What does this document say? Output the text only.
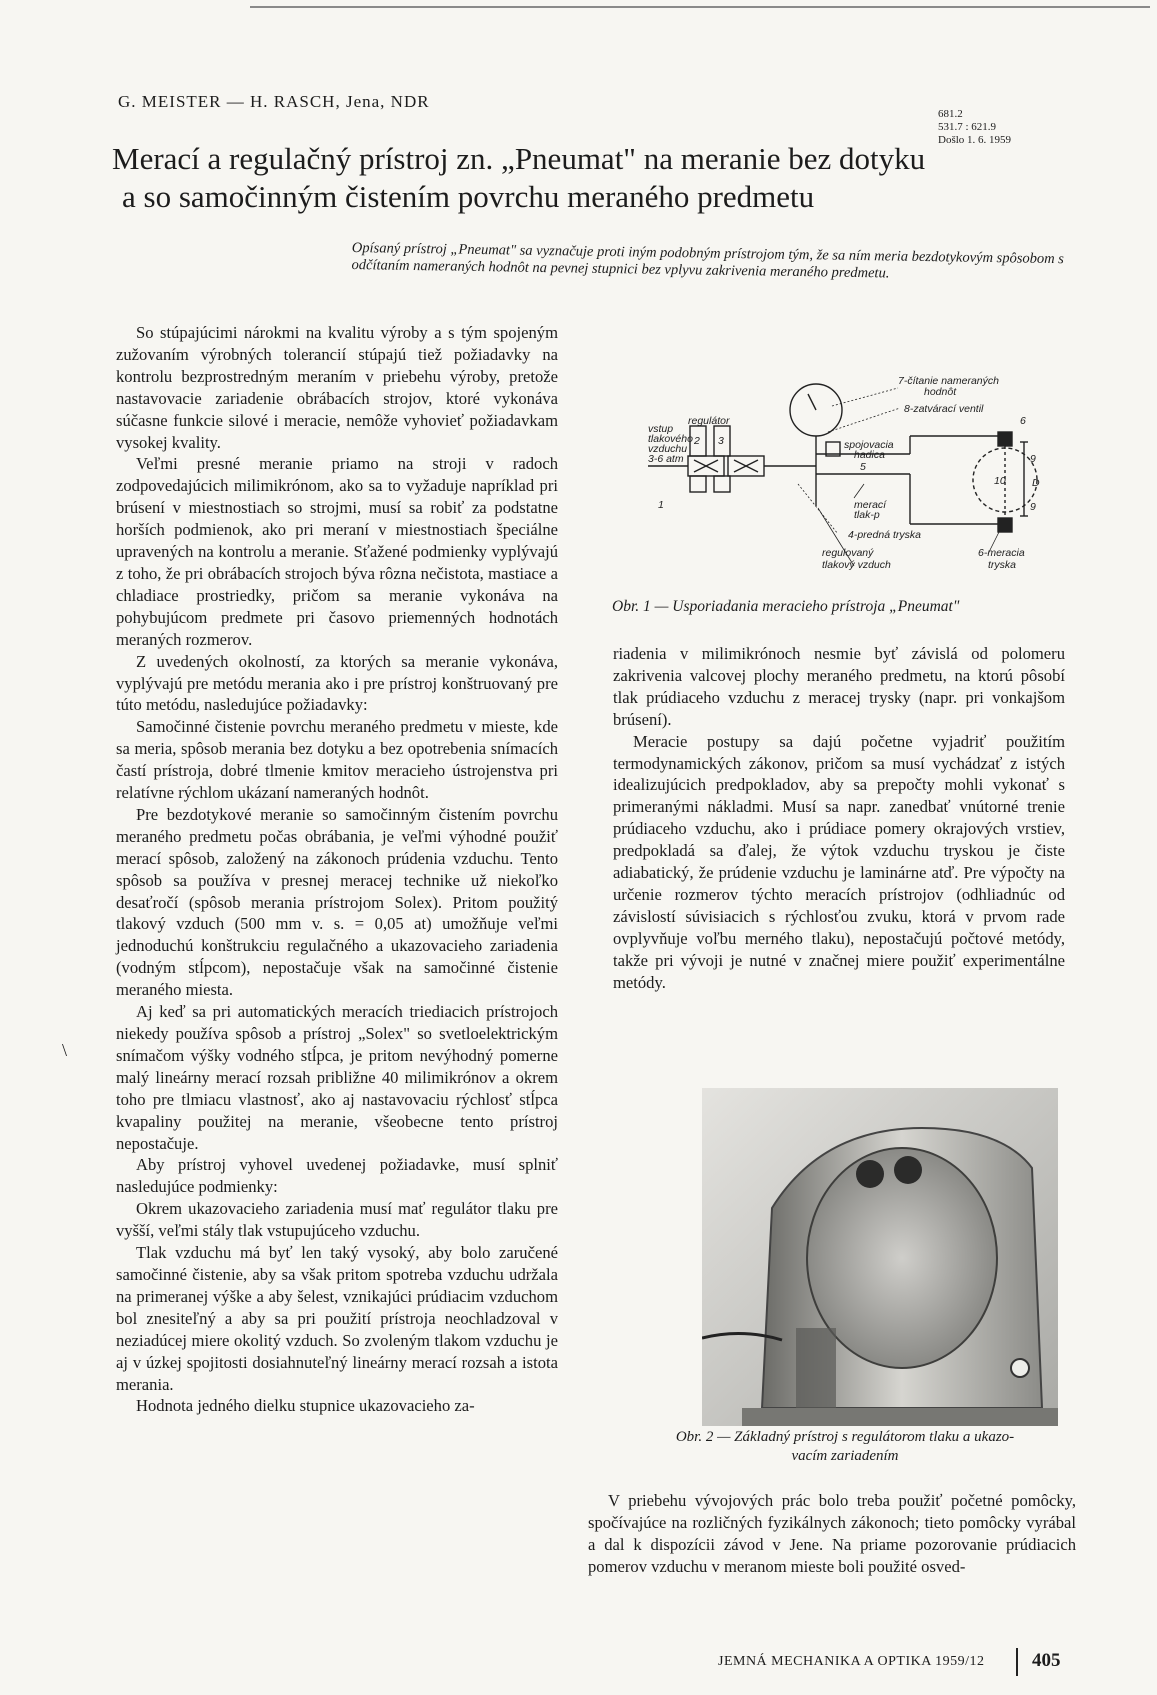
G. MEISTER — H. RASCH, Jena, NDR
681.2
531.7 : 621.9
Došlo 1. 6. 1959
Merací a regulačný prístroj zn. „Pneumat" na meranie bez dotyku
a so samočinným čistením povrchu meraného predmetu
Opísaný prístroj „Pneumat" sa vyznačuje proti iným podobným prístrojom tým, že sa ním meria bezdotykovým spôsobom s odčítaním nameraných hodnôt na pevnej stupnici bez vplyvu zakrivenia meraného predmetu.

So stúpajúcimi nárokmi na kvalitu výroby a s tým spojeným zužovaním výrobných tolerancií stúpajú tiež požiadavky na kontrolu bezprostredným meraním v priebehu výroby, pretože nastavovacie zariadenie obrábacích strojov, ktoré vykonáva súčasne funkcie silové i meracie, nemôže vyhovieť požiadavkam vysokej kvality.

Veľmi presné meranie priamo na stroji v radoch zodpovedajúcich milimikrónom, ako sa to vyžaduje napríklad pri brúsení v miestnostiach so strojmi, musí sa robiť za podstatne horších podmienok, ako pri meraní v miestnostiach špeciálne upravených na kontrolu a meranie. Sťažené podmienky vyplývajú z toho, že pri obrábacích strojoch býva rôzna nečistota, mastiace a chladiace prostriedky, pričom sa meranie vykonáva na pohybujúcom predmete pri časovo priemenných hodnotách meraných rozmerov.

Z uvedených okolností, za ktorých sa meranie vykonáva, vyplývajú pre metódu merania ako i pre prístroj konštruovaný pre túto metódu, nasledujúce požiadavky:

Samočinné čistenie povrchu meraného predmetu v mieste, kde sa meria, spôsob merania bez dotyku a bez opotrebenia snímacích častí prístroja, dobré tlmenie kmitov meracieho ústrojenstva pri relatívne rýchlom ukázaní nameraných hodnôt.

Pre bezdotykové meranie so samočinným čistením povrchu meraného predmetu počas obrábania, je veľmi výhodné použiť merací spôsob, založený na zákonoch prúdenia vzduchu. Tento spôsob sa používa v presnej meracej technike už niekoľko desaťročí (spôsob merania prístrojom Solex). Pritom použitý tlakový vzduch (500 mm v. s. = 0,05 at) umožňuje veľmi jednoduchú konštrukciu regulačného a ukazovacieho zariadenia (vodným stĺpcom), nepostačuje však na samočinné čistenie meraného miesta.

Aj keď sa pri automatických meracích triediacich prístrojoch niekedy používa spôsob a prístroj „Solex" so svetloelektrickým snímačom výšky vodného stĺpca, je pritom nevýhodný pomerne malý lineárny merací rozsah približne 40 milimikrónov a okrem toho pre tlmiacu vlastnosť, ako aj nastavovaciu rýchlosť stĺpca kvapaliny použitej na meranie, všeobecne tento prístroj nepostačuje.

Aby prístroj vyhovel uvedenej požiadavke, musí splniť nasledujúce podmienky:

Okrem ukazovacieho zariadenia musí mať regulátor tlaku pre vyšší, veľmi stály tlak vstupujúceho vzduchu.

Tlak vzduchu má byť len taký vysoký, aby bolo zaručené samočinné čistenie, aby sa však pritom spotreba vzduchu udržala na primeranej výške a aby šelest, vznikajúci prúdiacim vzduchom bol znesiteľný a aby sa pri použití prístroja neochladzoval v neziadúcej miere okolitý vzduch. So zvoleným tlakom vzduchu je aj v úzkej spojitosti dosiahnuteľný lineárny merací rozsah a istota merania.

Hodnota jedného dielku stupnice ukazovacieho za-

\
7-čítanie nameraných
hodnôt
8-zatvárací ventil
regulátor
vstup
tlakového
vzduchu
3-6 atm
2 3
1
6
9
9
10	D
5
spojovacia
hadica
merací
tlak-p
4-predná tryska
regulovaný
tlakový vzduch
6-meracia
tryska
Obr. 1 — Usporiadania meracieho prístroja „Pneumat"

riadenia v milimikrónoch nesmie byť závislá od polomeru zakrivenia valcovej plochy meraného predmetu, na ktorú pôsobí tlak prúdiaceho vzduchu z meracej trysky (napr. pri vonkajšom brúsení).

Meracie postupy sa dajú početne vyjadriť použitím termodynamických zákonov, pričom sa musí vychádzať z istých idealizujúcich predpokladov, aby sa prepočty mohli vykonať s primeranými nákladmi. Musí sa napr. zanedbať vnútorné trenie prúdiaceho vzduchu, ako i prúdiace pomery okrajových vrstiev, predpokladá sa ďalej, že výtok vzduchu tryskou je čiste adiabatický, že prúdenie vzduchu je laminárne atď. Pre výpočty na určenie rozmerov týchto meracích prístrojov (odhliadnúc od závislostí súvisiacich s rýchlosťou zvuku, ktorá v prvom rade ovplyvňuje voľbu merného tlaku), nepostačujú počtové metódy, takže pri vývoji je nutné v značnej miere použiť experimentálne metódy.

Obr. 2 — Základný prístroj s regulátorom tlaku a ukazo-
vacím zariadením

V priebehu vývojových prác bolo treba použiť početné pomôcky, spočívajúce na rozličných fyzikálnych zákonoch; tieto pomôcky vyrábal a dal k dispozícii závod v Jene. Na priame pozorovanie prúdiacich pomerov vzduchu v meranom mieste boli použité osved-

JEMNÁ MECHANIKA A OPTIKA 1959/12	405
